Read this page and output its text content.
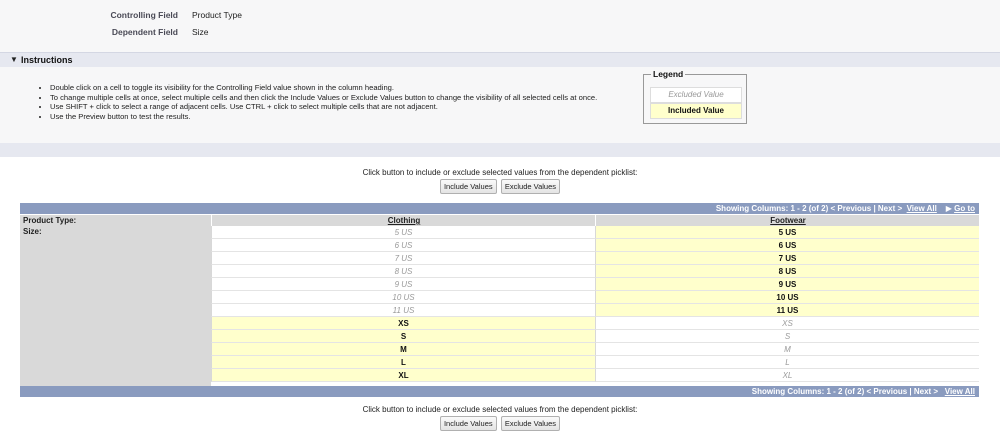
Controlling Field Product Type
Dependent Field Size
▼ Instructions
• Double click on a cell to toggle its visibility for the Controlling Field value shown in the column heading.
• To change multiple cells at once, select multiple cells and then click the Include Values or Exclude Values button to change the visibility of all selected cells at once.
• Use SHIFT + click to select a range of adjacent cells. Use CTRL + click to select multiple cells that are not adjacent.
• Use the Preview button to test the results.
Legend
Excluded Value
Included Value
Click button to include or exclude selected values from the dependent picklist:
Include Values Exclude Values
Showing Columns: 1 - 2 (of 2) < Previous | Next > View All ▶ Go to
Product Type:	Clothing	Footwear
Size:	5 US	5 US
6 US	6 US
7 US	7 US
8 US	8 US
9 US	9 US
10 US	10 US
11 US	11 US
XS	XS
S	S
M	M
L	L
XL	XL
Showing Columns: 1 - 2 (of 2) < Previous | Next > View All
Click button to include or exclude selected values from the dependent picklist:
Include Values Exclude Values
